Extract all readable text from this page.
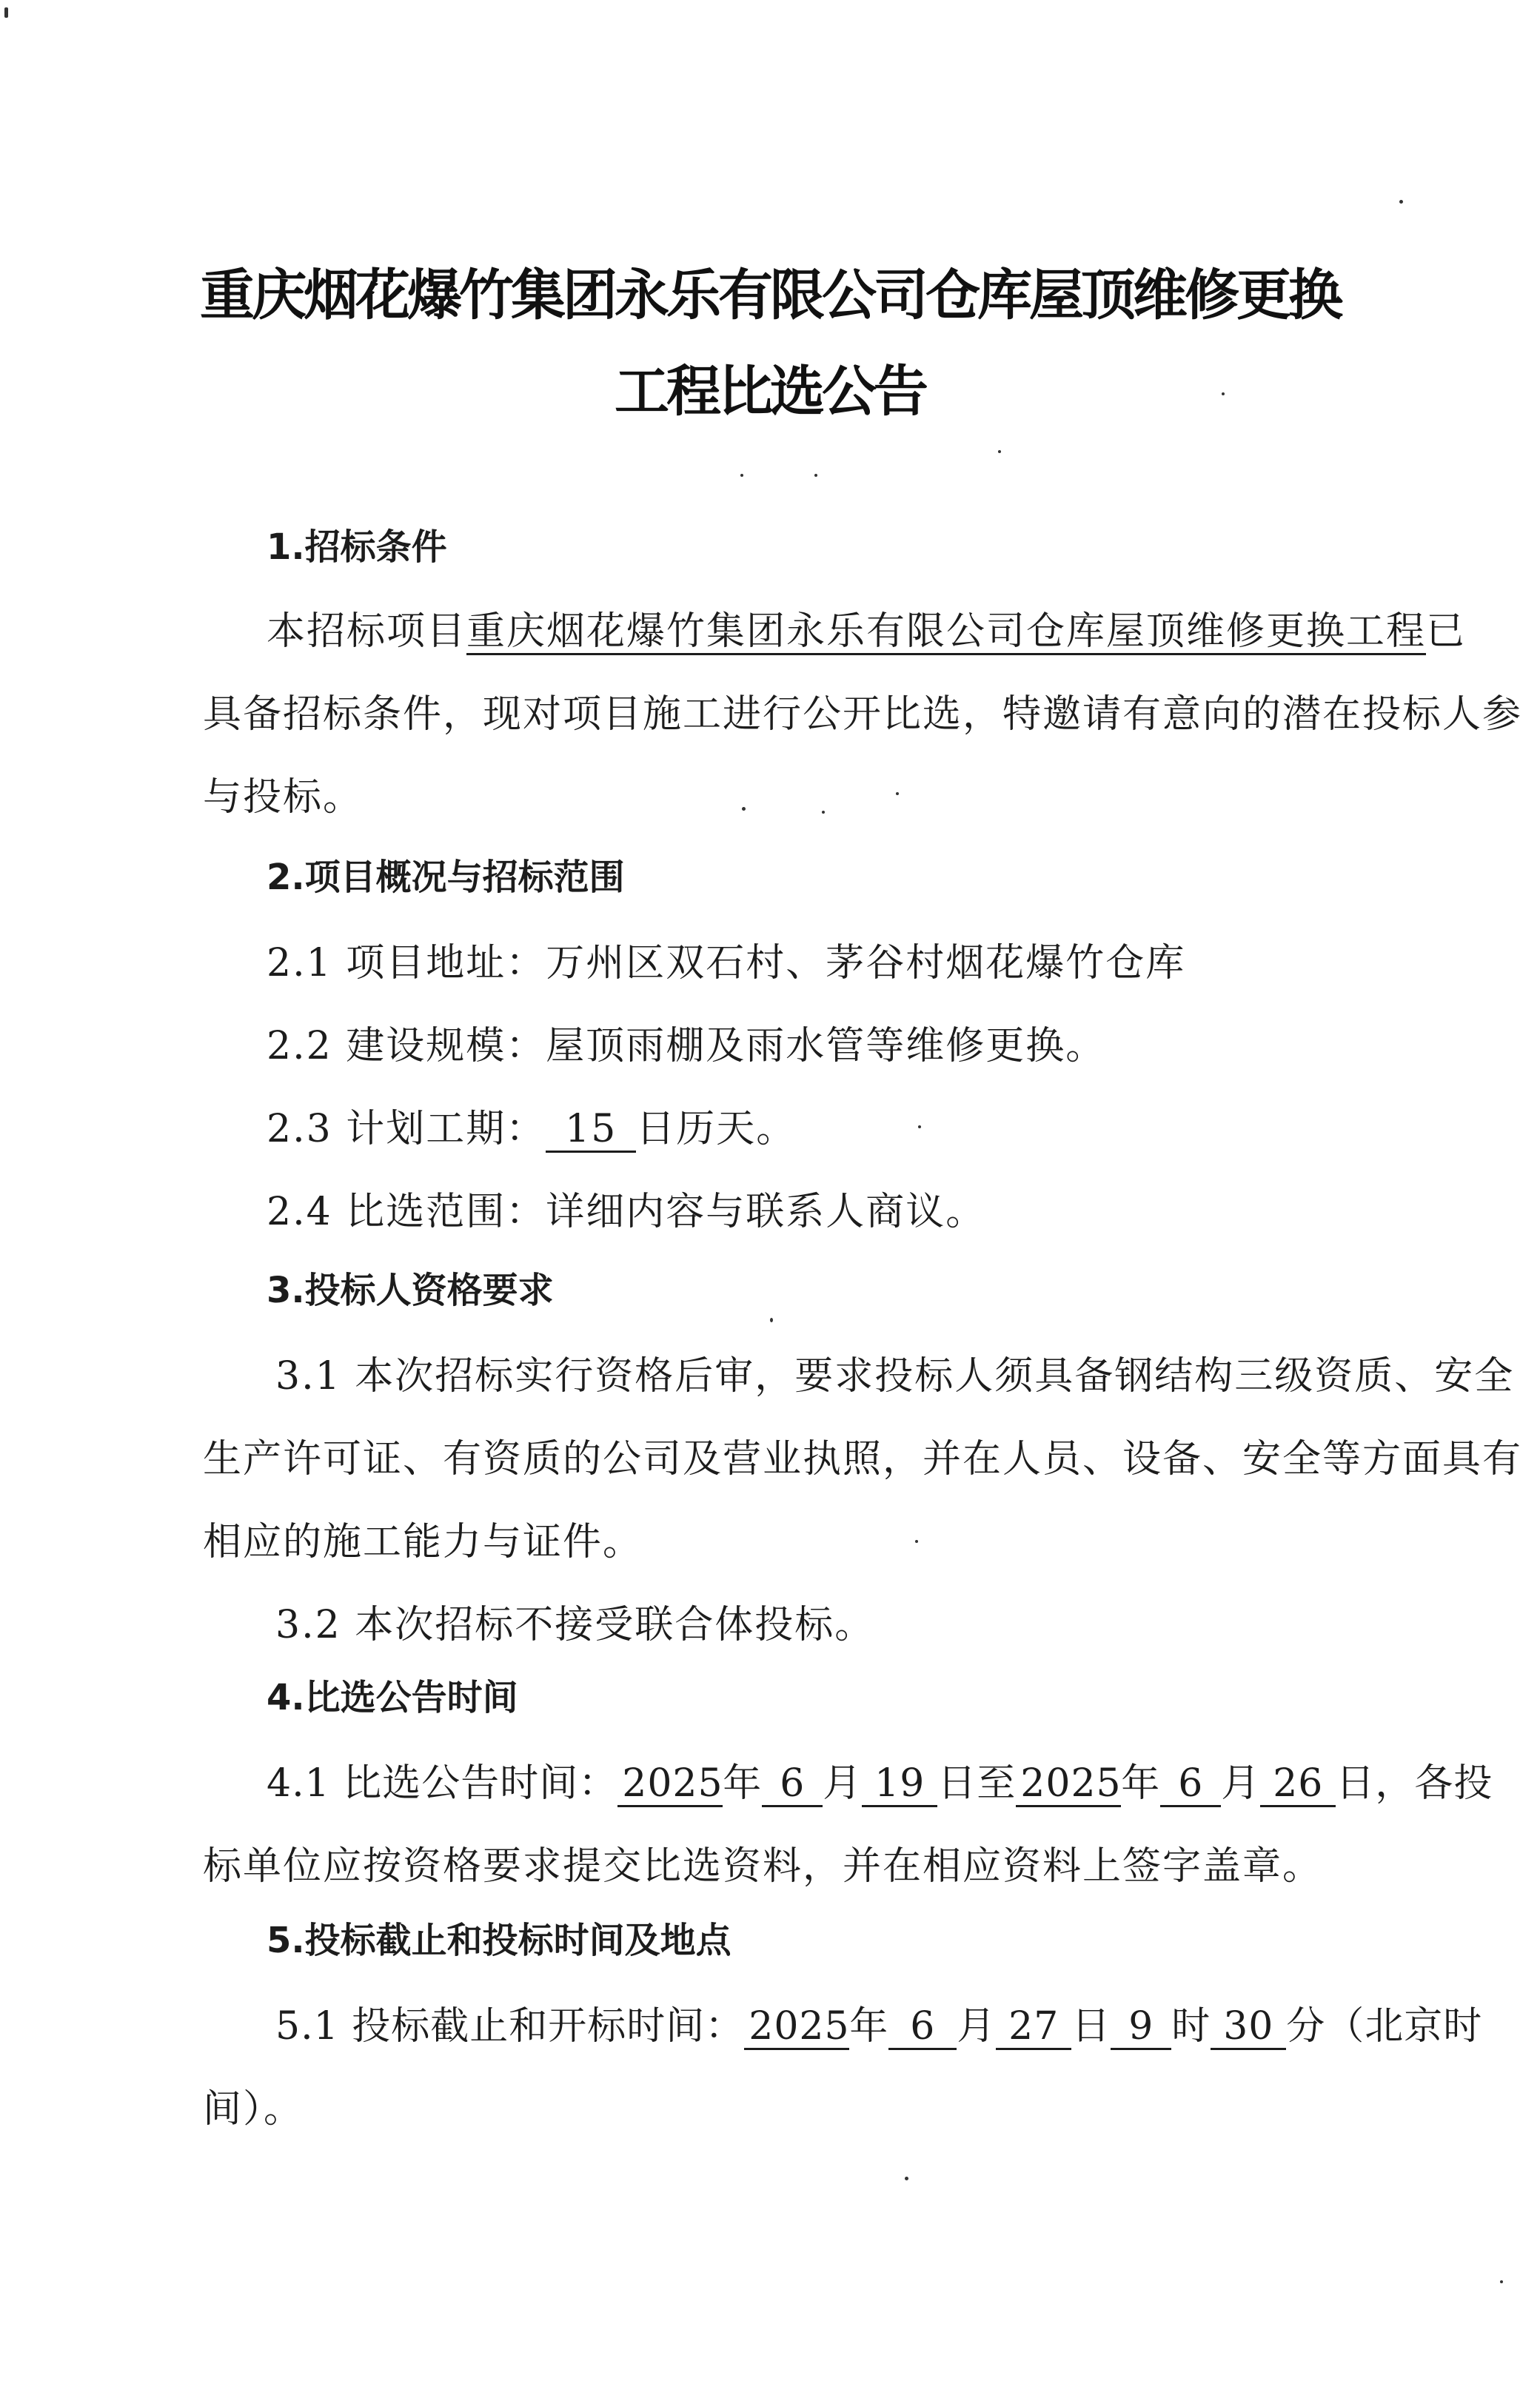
重庆烟花爆竹集团永乐有限公司仓库屋顶维修更换
工程比选公告
1.招标条件
本招标项目重庆烟花爆竹集团永乐有限公司仓库屋顶维修更换工程已
具备招标条件，现对项目施工进行公开比选，特邀请有意向的潜在投标人参
与投标。
2.项目概况与招标范围
2.1 项目地址：万州区双石村、茅谷村烟花爆竹仓库
2.2 建设规模：屋顶雨棚及雨水管等维修更换。
2.3 计划工期： 15 日历天。
2.4 比选范围：详细内容与联系人商议。
3.投标人资格要求
3.1 本次招标实行资格后审，要求投标人须具备钢结构三级资质、安全
生产许可证、有资质的公司及营业执照，并在人员、设备、安全等方面具有
相应的施工能力与证件。
3.2 本次招标不接受联合体投标。
4.比选公告时间
4.1 比选公告时间： 2025年 6 月 19 日至 2025年 6 月 26 日，各投
标单位应按资格要求提交比选资料，并在相应资料上签字盖章。
5.投标截止和投标时间及地点
5.1 投标截止和开标时间： 2025年 6 月 27 日 9 时 30 分（北京时
间）。
